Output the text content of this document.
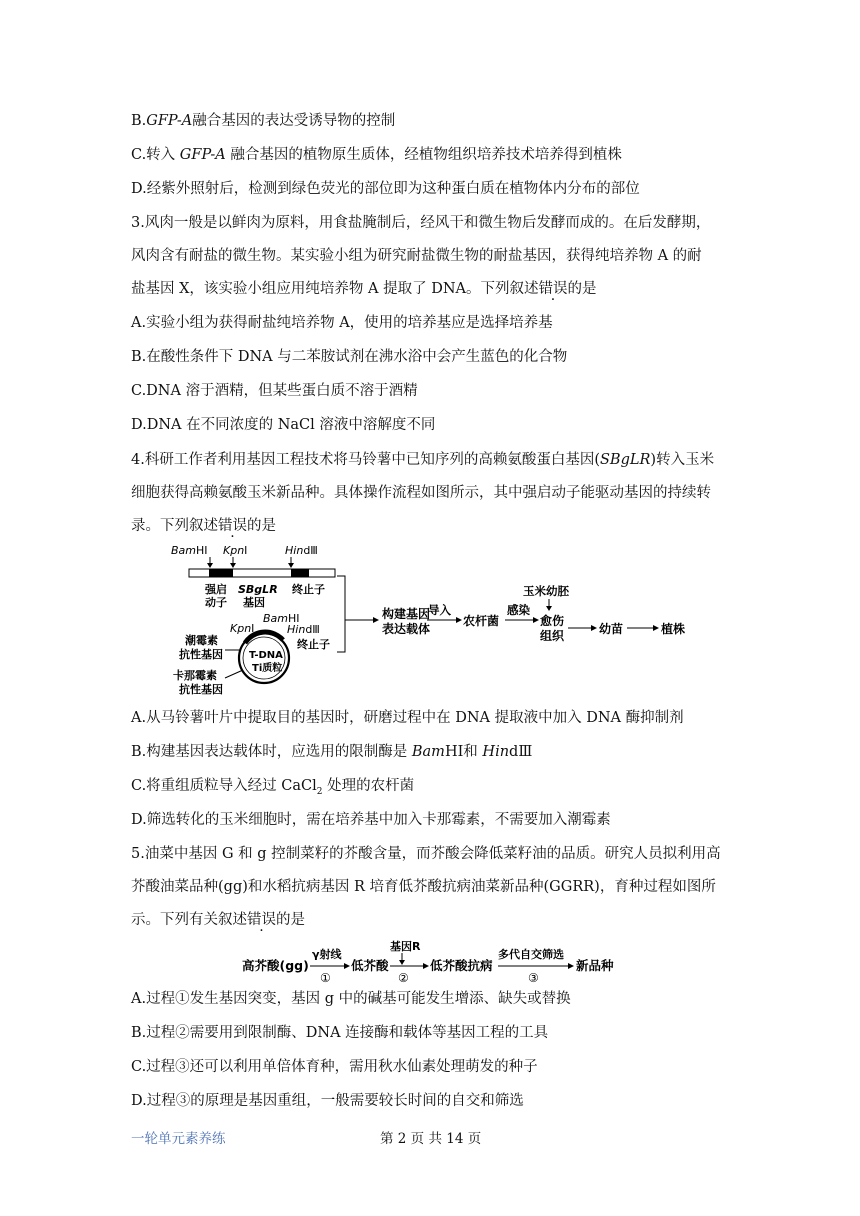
B.GFP-A融合基因的表达受诱导物的控制
C.转入 GFP-A 融合基因的植物原生质体，经植物组织培养技术培养得到植株
D.经紫外照射后，检测到绿色荧光的部位即为这种蛋白质在植物体内分布的部位
3.风肉一般是以鲜肉为原料，用食盐腌制后，经风干和微生物后发酵而成的。在后发酵期，
风肉含有耐盐的微生物。某实验小组为研究耐盐微生物的耐盐基因，获得纯培养物 A 的耐
盐基因 X，该实验小组应用纯培养物 A 提取了 DNA。下列叙述错误的是
A.实验小组为获得耐盐纯培养物 A，使用的培养基应是选择培养基
B.在酸性条件下 DNA 与二苯胺试剂在沸水浴中会产生蓝色的化合物
C.DNA 溶于酒精，但某些蛋白质不溶于酒精
D.DNA 在不同浓度的 NaCl 溶液中溶解度不同
4.科研工作者利用基因工程技术将马铃薯中已知序列的高赖氨酸蛋白基因(SBgLR)转入玉米
细胞获得高赖氨酸玉米新品种。具体操作流程如图所示，其中强启动子能驱动基因的持续转
录。下列叙述错误的是
BamHⅠ KpnⅠ	HindⅢ
强启
动子
SBgLR
基因
终止子
BamHⅠ
KpnⅠ	HindⅢ
终止子
潮霉素
抗性基因
卡那霉素
抗性基因
T-DNA
Ti质粒
构建基因
表达载体
导入
农杆菌
感染
玉米幼胚
愈伤
组织	幼苗	植株
A.从马铃薯叶片中提取目的基因时，研磨过程中在 DNA 提取液中加入 DNA 酶抑制剂
B.构建基因表达载体时，应选用的限制酶是 BamHⅠ和 HindⅢ
C.将重组质粒导入经过 CaCl$_2$ 处理的农杆菌
D.筛选转化的玉米细胞时，需在培养基中加入卡那霉素，不需要加入潮霉素
5.油菜中基因 G 和 g 控制菜籽的芥酸含量，而芥酸会降低菜籽油的品质。研究人员拟利用高
芥酸油菜品种(gg)和水稻抗病基因 R 培育低芥酸抗病油菜新品种(GGRR)，育种过程如图所
示。下列有关叙述错误的是
高芥酸(gg)
γ射线
①
低芥酸
基因R
②
低芥酸抗病
多代自交筛选
③
新品种
A.过程①发生基因突变，基因 g 中的碱基可能发生增添、缺失或替换
B.过程②需要用到限制酶、DNA 连接酶和载体等基因工程的工具
C.过程③还可以利用单倍体育种，需用秋水仙素处理萌发的种子
D.过程③的原理是基因重组，一般需要较长时间的自交和筛选
一轮单元素养练	第 2 页 共 14 页
